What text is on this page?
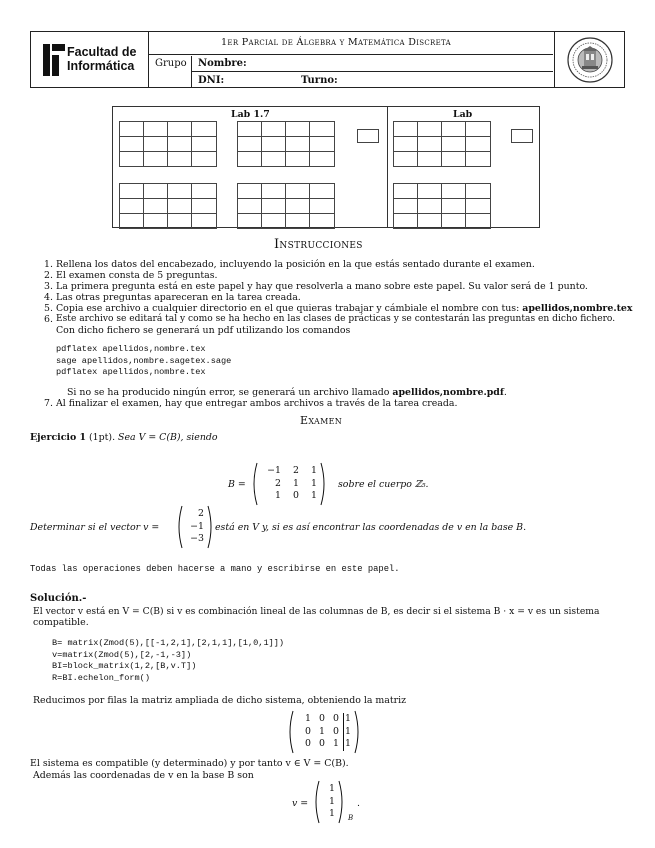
Facultad de
Informática
1er Parcial de Álgebra y Matemática Discreta
Grupo Nombre:
DNI:	Turno:
Lab 1.7	Lab
Instrucciones
1. Rellena los datos del encabezado, incluyendo la posición en la que estás sentado durante el examen.
2. El examen consta de 5 preguntas.
3. La primera pregunta está en este papel y hay que resolverla a mano sobre este papel. Su valor será de 1 punto.
4. Las otras preguntas apareceran en la tarea creada.
5. Copia ese archivo a cualquier directorio en el que quieras trabajar y cámbiale el nombre con tus: apellidos,nombre.tex
6. Este archivo se editará tal y como se ha hecho en las clases de prácticas y se contestarán las preguntas en dicho fichero.
Con dicho fichero se generará un pdf utilizando los comandos
pdflatex apellidos,nombre.tex
sage apellidos,nombre.sagetex.sage
pdflatex apellidos,nombre.tex
Si no se ha producido ningún error, se generará un archivo llamado apellidos,nombre.pdf.
7. Al finalizar el examen, hay que entregar ambos archivos a través de la tarea creada.
Examen
Ejercicio 1 (1pt). Sea V = C(B), siendo
B =
−1	2	1
2	1	1
1	0	1
sobre el cuerpo ℤ₅.
Determinar si el vector v =
2
−1
−3
está en V y, si es así encontrar las coordenadas de v en la base B.
Todas las operaciones deben hacerse a mano y escribirse en este papel.
Solución.-
El vector v está en V = C(B) si v es combinación lineal de las columnas de B, es decir si el sistema B · x = v es un sistema
compatible.
B= matrix(Zmod(5),[[-1,2,1],[2,1,1],[1,0,1]])
v=matrix(Zmod(5),[2,-1,-3])
BI=block_matrix(1,2,[B,v.T])
R=BI.echelon_form()
Reducimos por filas la matriz ampliada de dicho sistema, obteniendo la matriz
1 0 0 1
0 1 0 1
0 0 1 1
El sistema es compatible (y determinado) y por tanto v ∈ V = C(B).
Además las coordenadas de v en la base B son
v =
1
1
1 B
.
